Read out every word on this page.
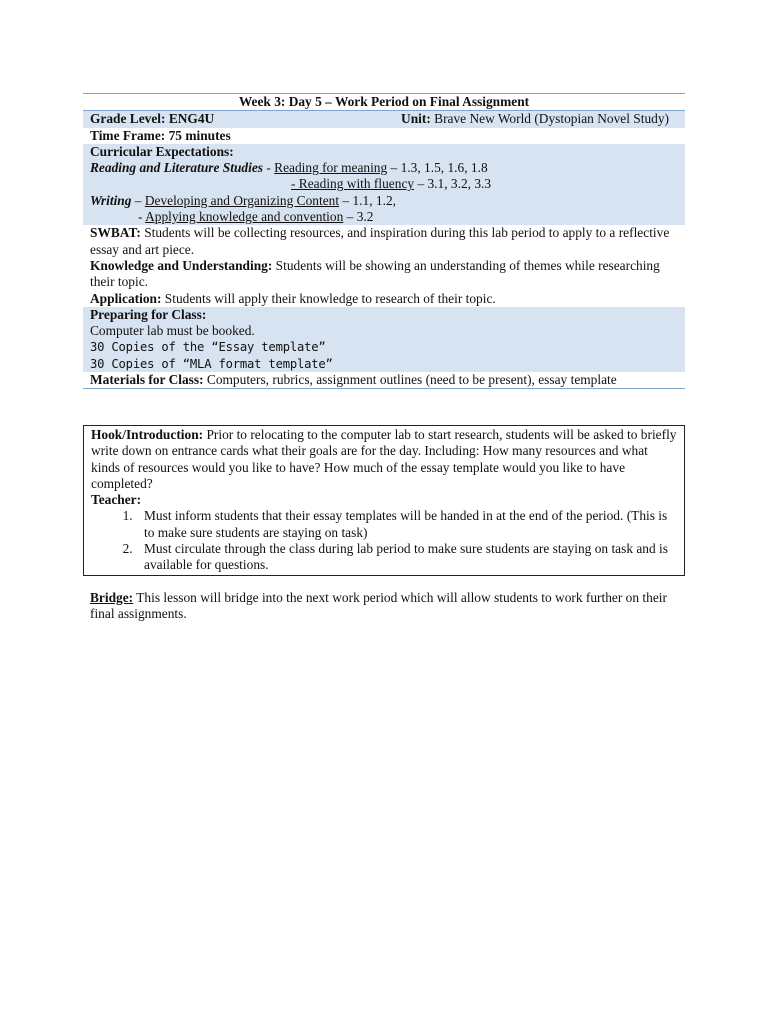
Week 3: Day 5 – Work Period on Final Assignment
Grade Level: ENG4U	Unit: Brave New World (Dystopian Novel Study)
Time Frame: 75 minutes
Curricular Expectations:
Reading and Literature Studies - Reading for meaning – 1.3, 1.5, 1.6, 1.8
- Reading with fluency – 3.1, 3.2, 3.3
Writing – Developing and Organizing Content – 1.1, 1.2,
- Applying knowledge and convention – 3.2
SWBAT: Students will be collecting resources, and inspiration during this lab period to apply to a reflective essay and art piece.
Knowledge and Understanding: Students will be showing an understanding of themes while researching their topic.
Application: Students will apply their knowledge to research of their topic.
Preparing for Class:
Computer lab must be booked.
30 Copies of the “Essay template”
30 Copies of “MLA format template”
Materials for Class: Computers, rubrics, assignment outlines (need to be present), essay template
Hook/Introduction: Prior to relocating to the computer lab to start research, students will be asked to briefly write down on entrance cards what their goals are for the day. Including: How many resources and what kinds of resources would you like to have? How much of the essay template would you like to have completed?
Teacher:
1. Must inform students that their essay templates will be handed in at the end of the period. (This is to make sure students are staying on task)
2. Must circulate through the class during lab period to make sure students are staying on task and is available for questions.
Bridge: This lesson will bridge into the next work period which will allow students to work further on their final assignments.
